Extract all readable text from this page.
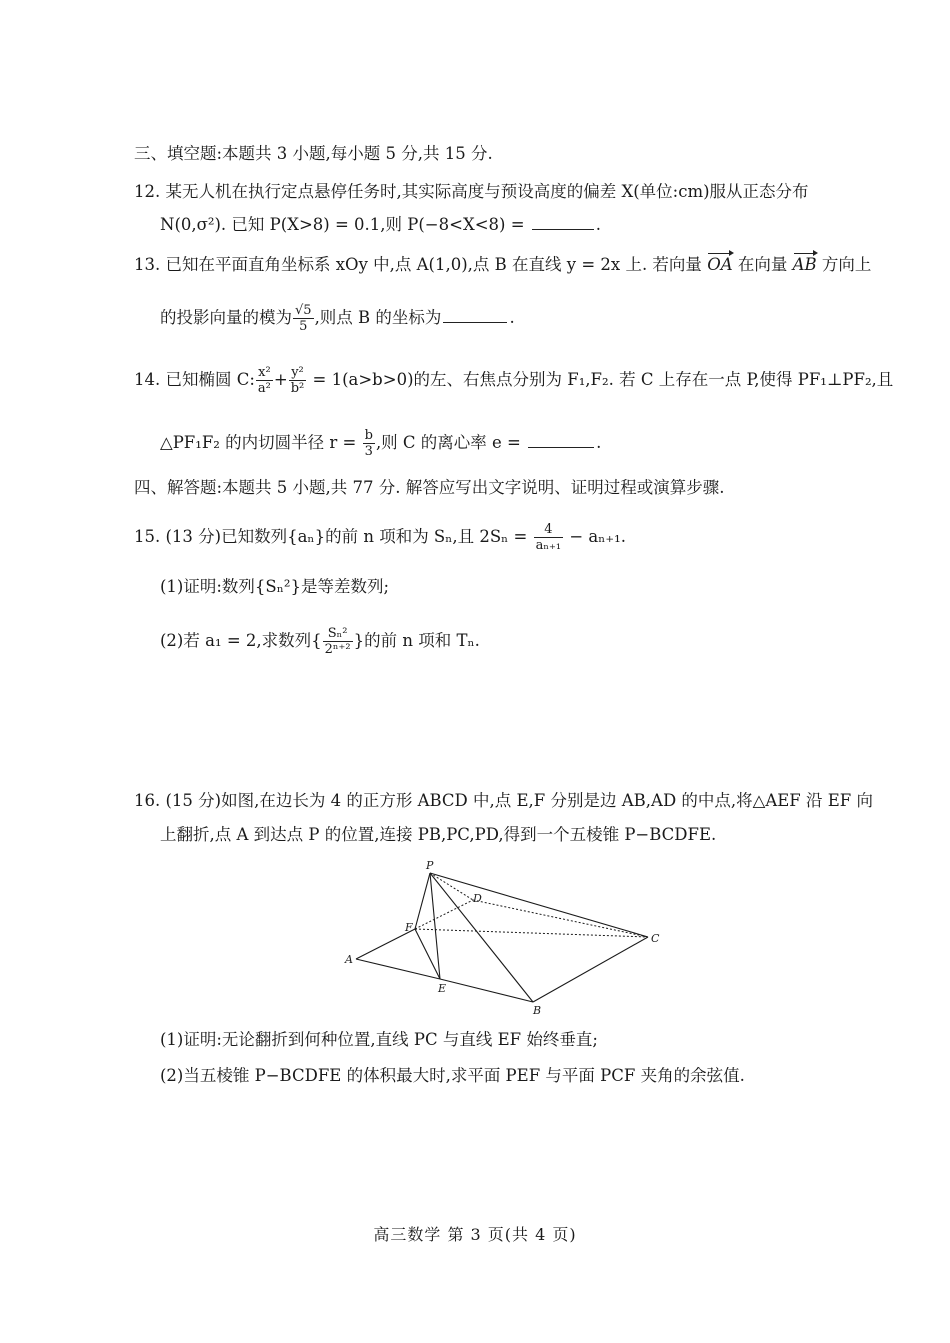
三、填空题:本题共 3 小题,每小题 5 分,共 15 分.
12. 某无人机在执行定点悬停任务时,其实际高度与预设高度的偏差 X(单位:cm)服从正态分布
N(0,σ²). 已知 P(X>8) = 0.1,则 P(−8<X<8) =	.
13. 已知在平面直角坐标系 xOy 中,点 A(1,0),点 B 在直线 y = 2x 上. 若向量 OA 在向量 AB 方向上
的投影向量的模为 $\frac{√5}{5}$ ,则点 B 的坐标为	.
14. 已知椭圆 C: $\frac{\text{x²}}{\text{a²}} + \frac{\text{y²}}{\text{b²}} = 1(a>b>0)$的左、右焦点分别为 F₁,F₂. 若 C 上存在一点 P,使得 PF₁⊥PF₂,且
△PF₁F₂ 的内切圆半径 $r = \frac{b}{3}$ ,则 C 的离心率 e =	.
四、解答题:本题共 5 小题,共 77 分. 解答应写出文字说明、证明过程或演算步骤.
15. (13 分)已知数列{aₙ}的前 n 项和为 Sₙ,且 $2S_n = \frac{4}{\text{aₙ₊₁}} - a_{n+1}$.
(1)证明:数列{Sₙ²}是等差数列;
(2)若 a₁ = 2,求数列{ $\frac{\text{Sₙ²}}{\text{2ⁿ⁺²}}$ }的前 n 项和 Tₙ.
16. (15 分)如图,在边长为 4 的正方形 ABCD 中,点 E,F 分别是边 AB,AD 的中点,将△AEF 沿 EF 向
上翻折,点 A 到达点 P 的位置,连接 PB,PC,PD,得到一个五棱锥 P−BCDFE.
P
D
F
C
A
E
B
(1)证明:无论翻折到何种位置,直线 PC 与直线 EF 始终垂直;
(2)当五棱锥 P−BCDFE 的体积最大时,求平面 PEF 与平面 PCF 夹角的余弦值.
高三数学 第 3 页(共 4 页)
